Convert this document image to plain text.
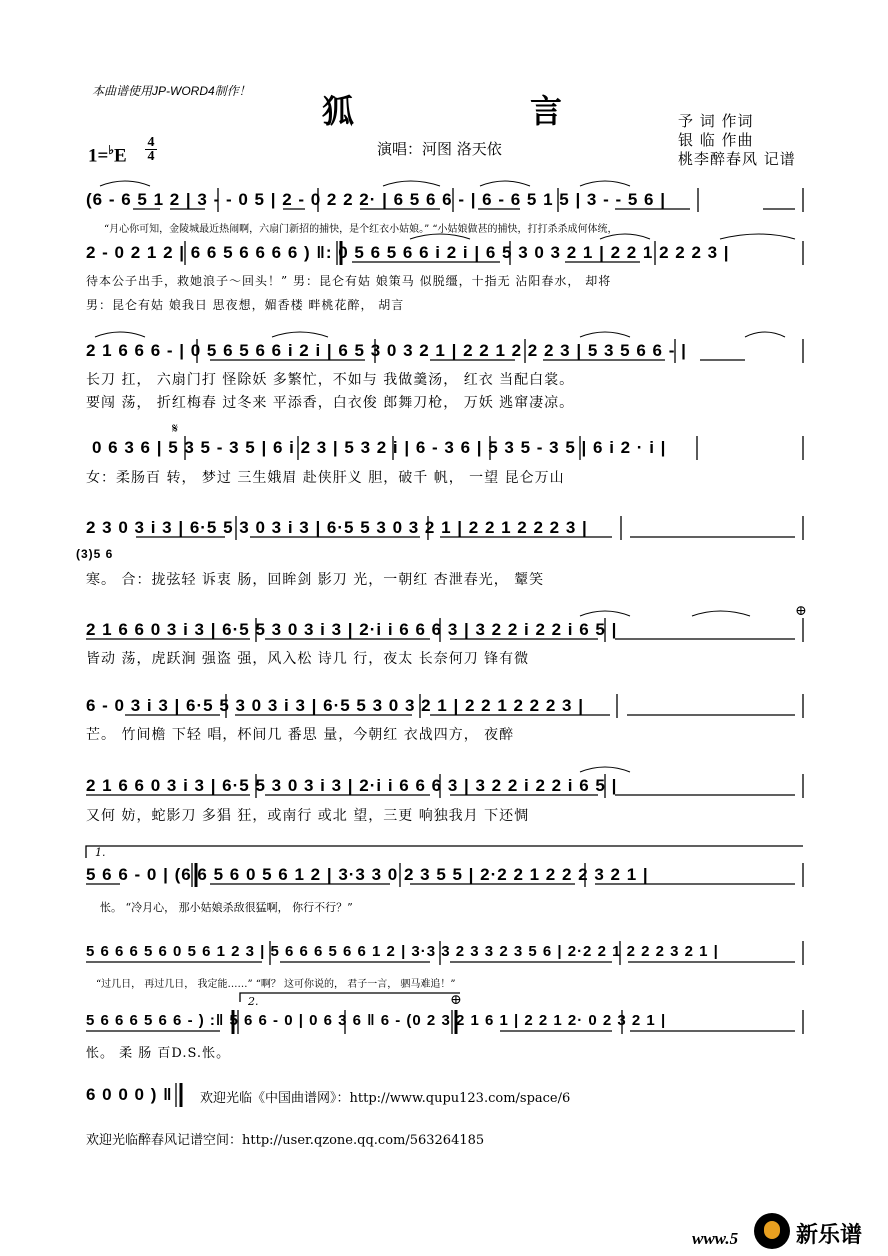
本曲谱使用JP-WORD4制作！
狐	言	予 词 作词
银 临 作曲
桃李醉春风 记谱
1=♭E
4
4	演唱：河图 洛天依
(6 - 6 5 1 2 | 3 - - 0 5 | 2 - 0 2 2 2· | 6 5 6 6 - | 6 - 6 5 1 5 | 3 - - 5 6 |
“月心你可知，金陵城最近热闹啊，六扇门新招的捕快，是个红衣小姑娘。” “小姑娘做甚的捕快，打打杀杀成何体统，
2 - 0 2 1 2 | 6 6 5 6 6 6 6 ) ‖: 0 5 6 5 6 6 i 2 i | 6 5 3 0 3 2 1 | 2 2 1 2 2 2 3 |
待本公子出手，救她浪子～回头！” 男：昆仑有姑 娘策马 似脱缰，十指无 沾阳春水， 却将
男：昆仑有姑 娘我日 思夜想，媚香楼 畔桃花醉， 胡言
2 1 6 6 6 - | 0 5 6 5 6 6 i 2 i | 6 5 3 0 3 2 1 | 2 2 1 2 2 2 3 | 5 3 5 6 6 - |
长刀 扛， 六扇门打 怪除妖 多繁忙，不如与 我做羹汤， 红衣 当配白裳。
要闯 荡， 折红梅春 过冬来 平添香，白衣俊 郎舞刀枪， 万妖 逃窜凄凉。
𝄋
0 6 3 6 | 5 3 5 - 3 5 | 6 i 2 3 | 5 3 2 i | 6 - 3 6 | 5 3 5 - 3 5 | 6 i 2 · i |
女：柔肠百 转， 梦过 三生娥眉 赴侠肝义 胆，破千 帆， 一望 昆仑万山
2 3 0 3 i 3 | 6·5 5 3 0 3 i 3 | 6·5 5 3 0 3 2 1 | 2 2 1 2 2 2 3 |
(3)5 6
寒。 合：拢弦轻 诉衷 肠，回眸剑 影刀 光，一朝红 杏泄春光， 颦笑
⊕
2 1 6 6 0 3 i 3 | 6·5 5 3 0 3 i 3 | 2·i i 6 6 6 3 | 3 2 2 i 2 2 i 6 5 |
皆动 荡，虎跃涧 强盗 强，风入松 诗几 行，夜太 长奈何刀 锋有微
6 - 0 3 i 3 | 6·5 5 3 0 3 i 3 | 6·5 5 3 0 3 2 1 | 2 2 1 2 2 2 3 |
芒。 竹间檐 下轻 唱，杯间几 番思 量，今朝红 衣战四方， 夜醉
2 1 6 6 0 3 i 3 | 6·5 5 3 0 3 i 3 | 2·i i 6 6 6 3 | 3 2 2 i 2 2 i 6 5 |
又何 妨，蛇影刀 多猖 狂，或南行 或北 望，三更 响独我月 下还惆
1.
5 6 6 - 0 | (6 6 5 6 0 5 6 1 2 | 3·3 3 0 2 3 5 5 | 2·2 2 1 2 2 2 3 2 1 |
怅。 “冷月心， 那小姑娘杀敌很猛啊， 你行不行？”
5 6 6 6 5 6 0 5 6 1 2 3 | 5 6 6 6 5 6 6 1 2 | 3·3 3 2 3 3 2 3 5 6 | 2·2 2 1 2 2 2 3 2 1 |
“过几日， 再过几日， 我定能……” “啊？ 这可你说的， 君子一言， 驷马难追！”
2.	⊕
5 6 6 6 5 6 6 - ) :‖ 5 6 6 - 0 | 0 6 3 6 ‖ 6 - (0 2 3 2 1 6 1 | 2 2 1 2· 0 2 3 2 1 |
怅。 柔 肠 百D.S.怅。
6 0 0 0 ) ‖ 欢迎光临《中国曲谱网》：http://www.qupu123.com/space/6
欢迎光临醉春风记谱空间：http://user.qzone.qq.com/563264185
www.5	新乐谱
